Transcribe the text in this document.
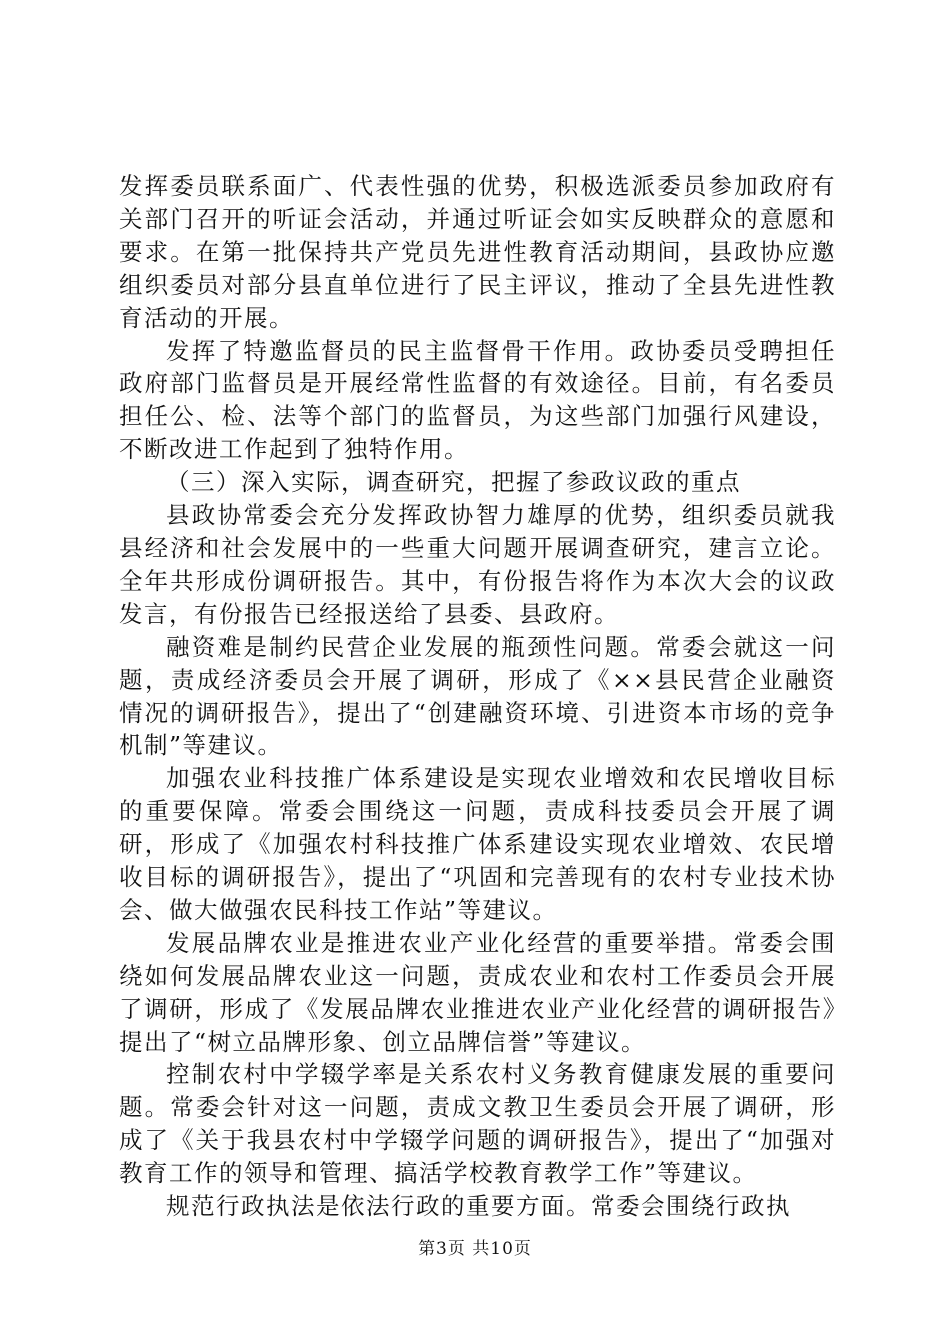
发挥委员联系面广、代表性强的优势，积极选派委员参加政府有关部门召开的听证会活动，并通过听证会如实反映群众的意愿和要求。在第一批保持共产党员先进性教育活动期间，县政协应邀组织委员对部分县直单位进行了民主评议，推动了全县先进性教育活动的开展。

发挥了特邀监督员的民主监督骨干作用。政协委员受聘担任政府部门监督员是开展经常性监督的有效途径。目前，有名委员担任公、检、法等个部门的监督员，为这些部门加强行风建设，不断改进工作起到了独特作用。

（三）深入实际，调查研究，把握了参政议政的重点

县政协常委会充分发挥政协智力雄厚的优势，组织委员就我县经济和社会发展中的一些重大问题开展调查研究，建言立论。全年共形成份调研报告。其中，有份报告将作为本次大会的议政发言，有份报告已经报送给了县委、县政府。

融资难是制约民营企业发展的瓶颈性问题。常委会就这一问题，责成经济委员会开展了调研，形成了《××县民营企业融资情况的调研报告》，提出了“创建融资环境、引进资本市场的竞争机制”等建议。

加强农业科技推广体系建设是实现农业增效和农民增收目标的重要保障。常委会围绕这一问题，责成科技委员会开展了调研，形成了《加强农村科技推广体系建设实现农业增效、农民增收目标的调研报告》，提出了“巩固和完善现有的农村专业技术协会、做大做强农民科技工作站”等建议。

发展品牌农业是推进农业产业化经营的重要举措。常委会围绕如何发展品牌农业这一问题，责成农业和农村工作委员会开展了调研，形成了《发展品牌农业推进农业产业化经营的调研报告》提出了“树立品牌形象、创立品牌信誉”等建议。

控制农村中学辍学率是关系农村义务教育健康发展的重要问题。常委会针对这一问题，责成文教卫生委员会开展了调研，形成了《关于我县农村中学辍学问题的调研报告》，提出了“加强对教育工作的领导和管理、搞活学校教育教学工作”等建议。

规范行政执法是依法行政的重要方面。常委会围绕行政执

第3页 共10页
